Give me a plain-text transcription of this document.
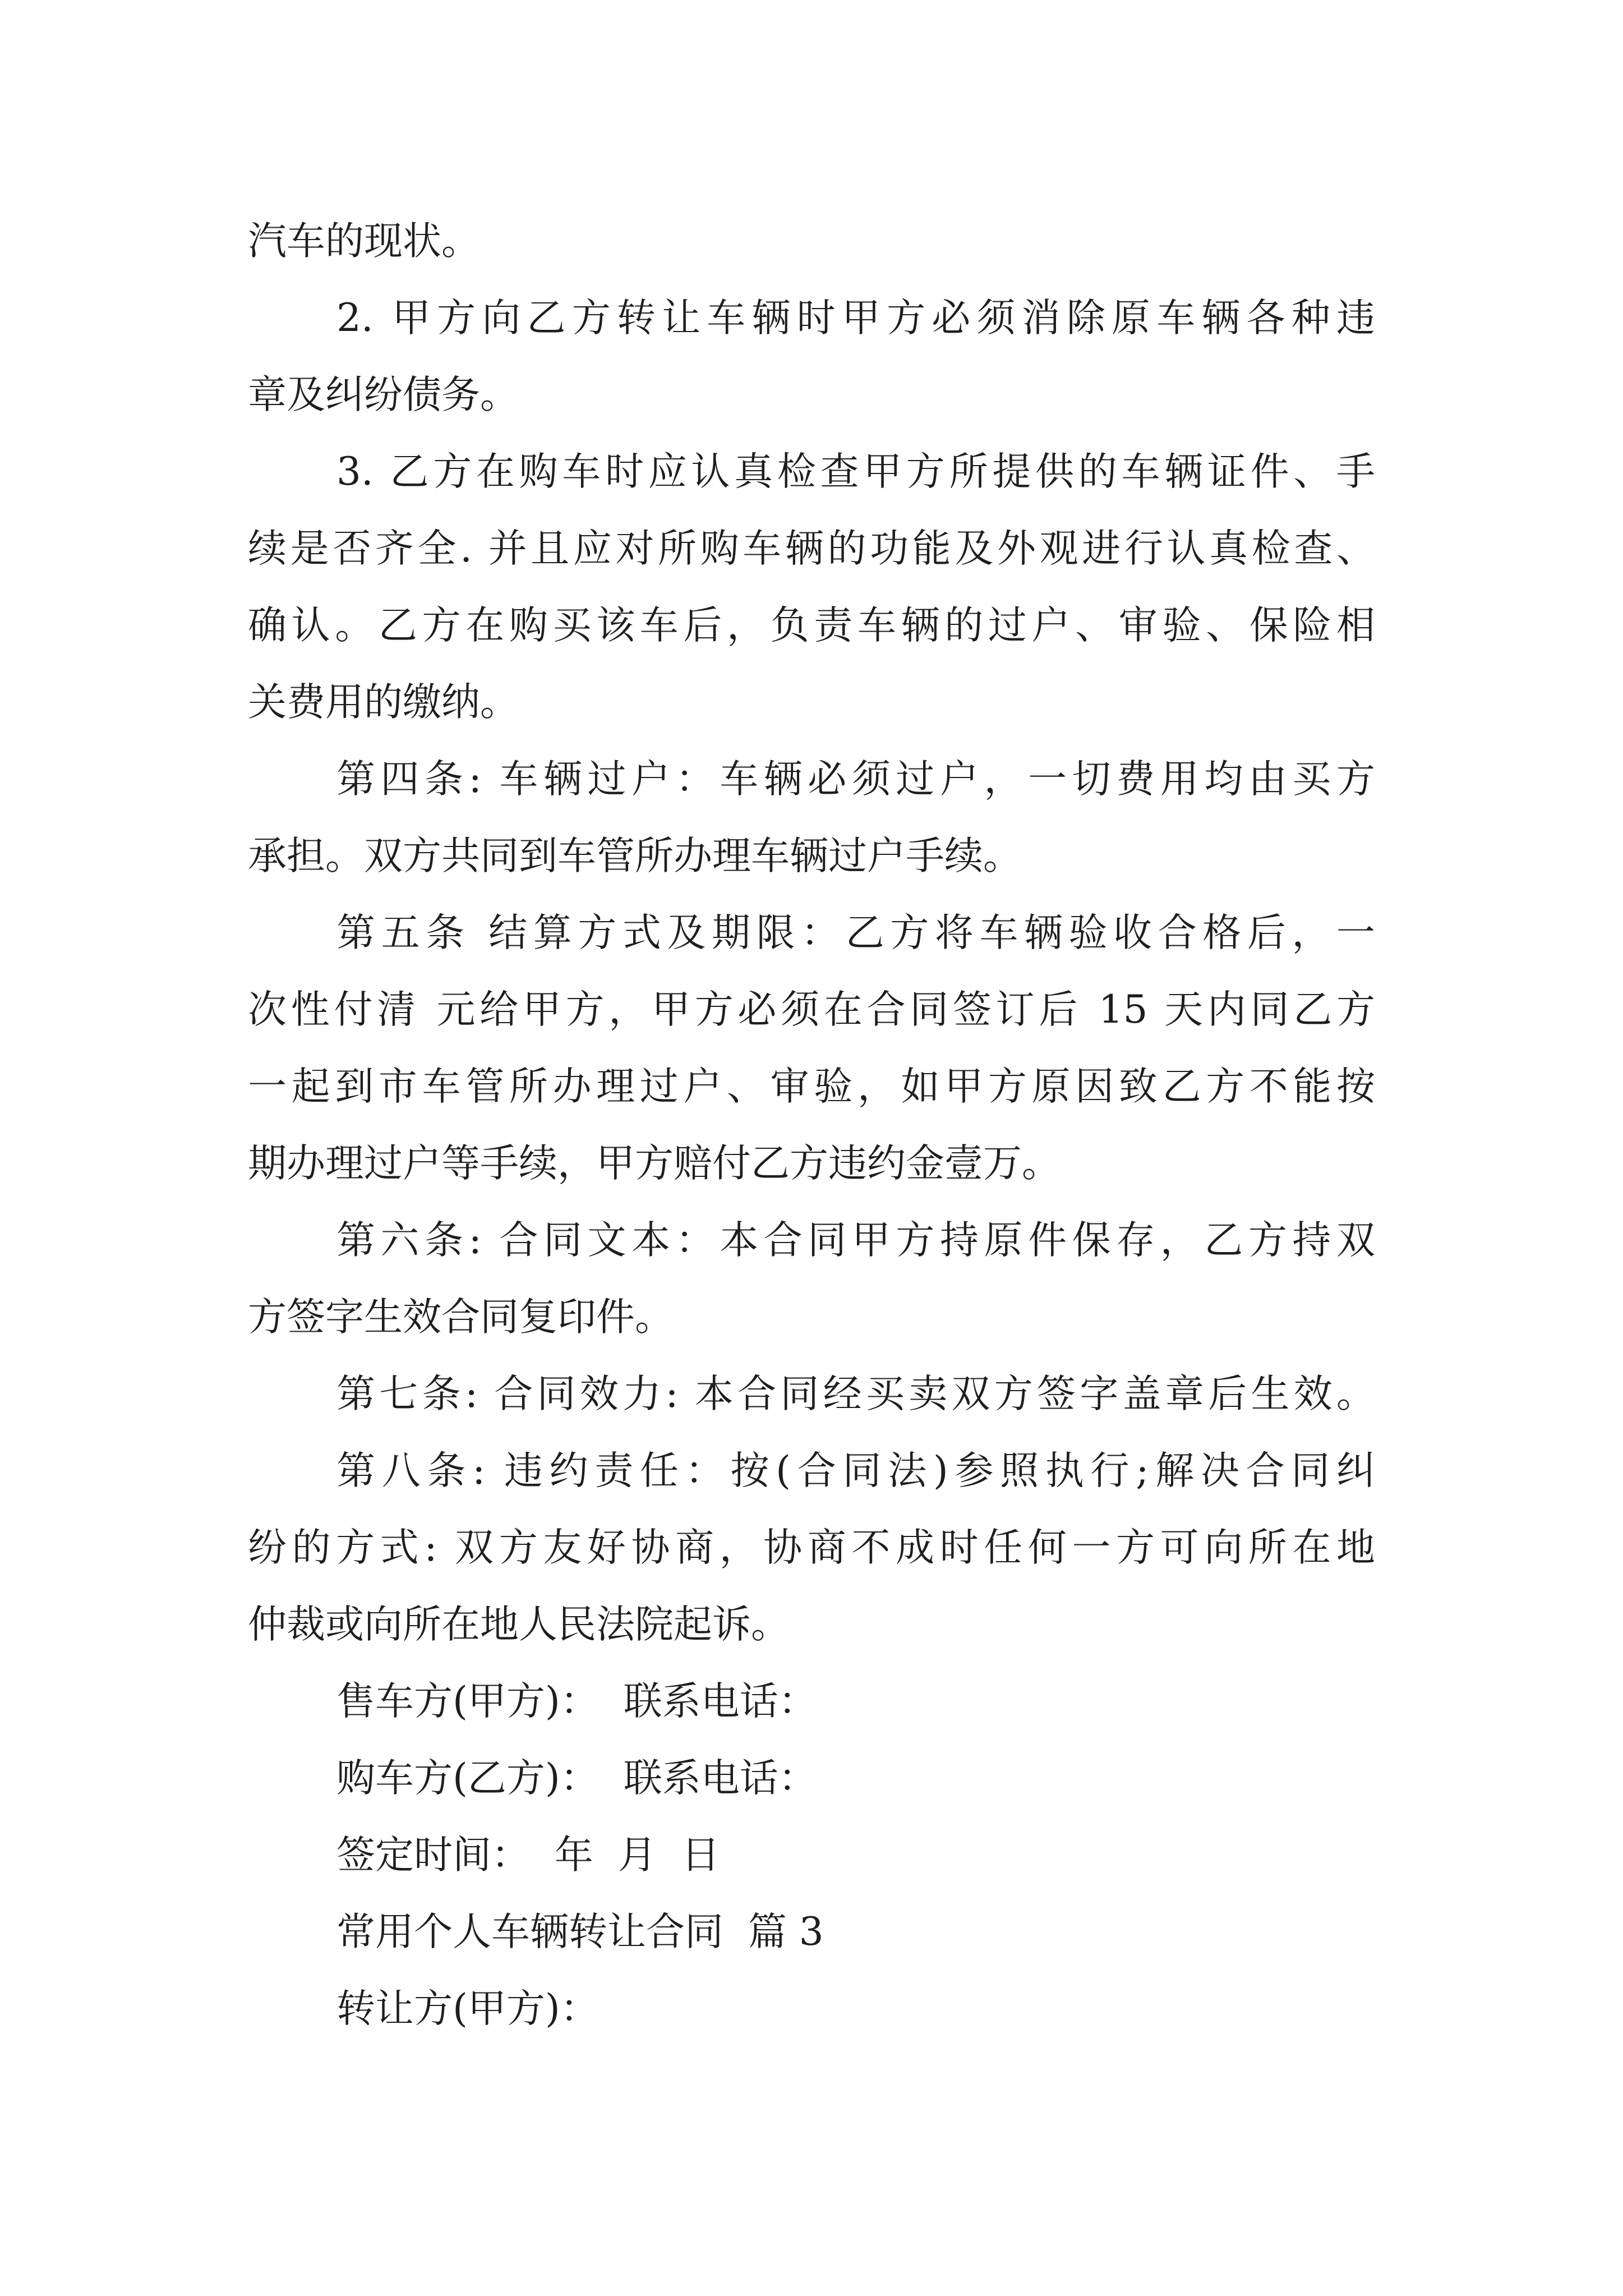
汽车的现状。
2. 甲方向乙方转让车辆时甲方必须消除原车辆各种违
章及纠纷债务。
3. 乙方在购车时应认真检查甲方所提供的车辆证件、手
续是否齐全. 并且应对所购车辆的功能及外观进行认真检查、
确认。乙方在购买该车后，负责车辆的过户、审验、保险相
关费用的缴纳。
第四条: 车辆过户：车辆必须过户，一切费用均由买方
承担。双方共同到车管所办理车辆过户手续。
第五条 结算方式及期限：乙方将车辆验收合格后，一
次性付清 元给甲方，甲方必须在合同签订后 15 天内同乙方
一起到市车管所办理过户、审验，如甲方原因致乙方不能按
期办理过户等手续，甲方赔付乙方违约金壹万。
第六条: 合同文本：本合同甲方持原件保存，乙方持双
方签字生效合同复印件。
第七条: 合同效力: 本合同经买卖双方签字盖章后生效。
第八条: 违约责任：按(合同法)参照执行;解决合同纠
纷的方式: 双方友好协商，协商不成时任何一方可向所在地
仲裁或向所在地人民法院起诉。
售车方(甲方)：  联系电话：
购车方(乙方)：  联系电话：
签定时间：  年  月  日
常用个人车辆转让合同  篇 3
转让方(甲方)：
